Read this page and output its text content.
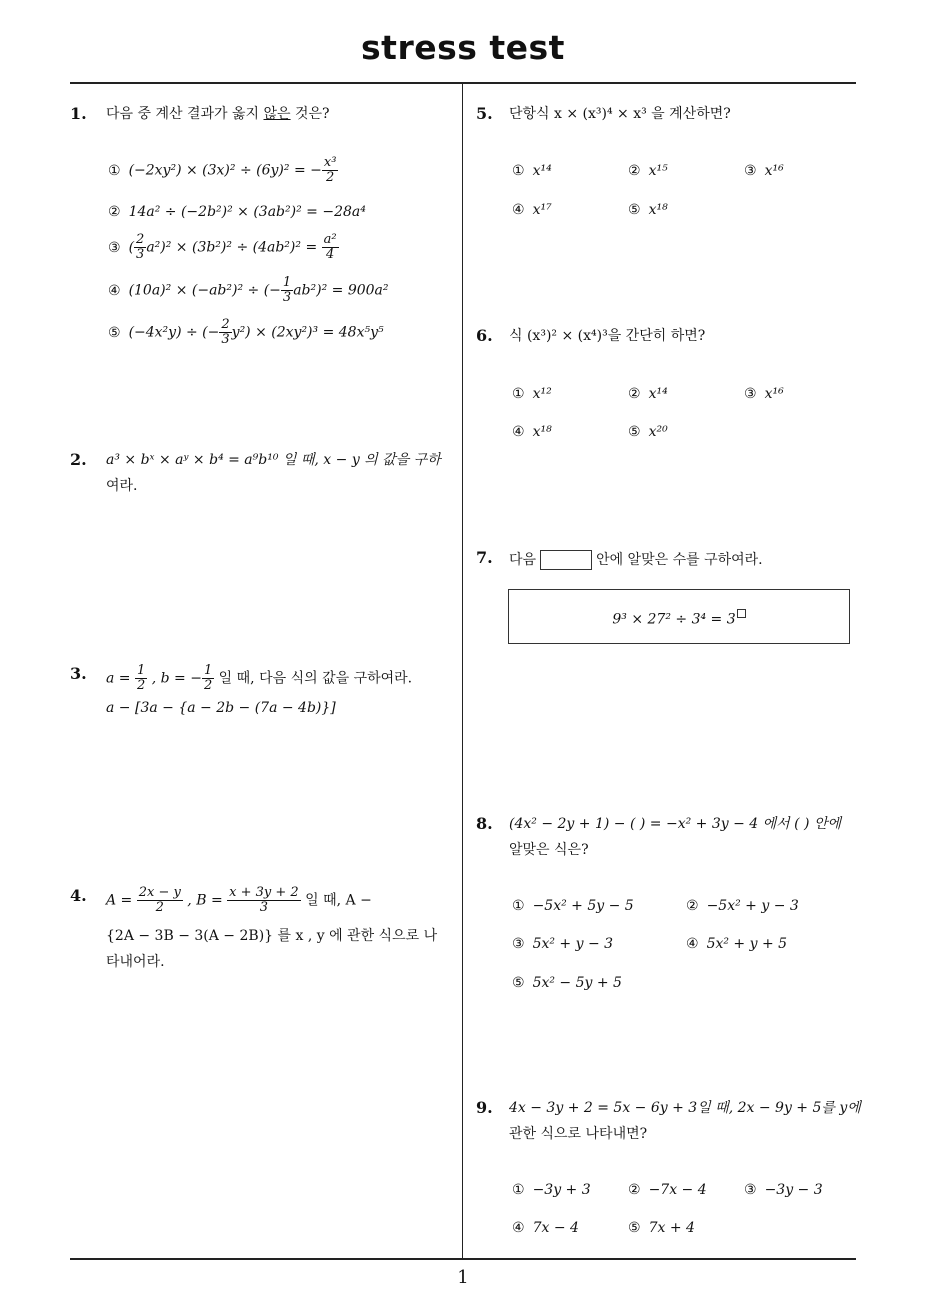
stress test
1. 다음 중 계산 결과가 옳지 않은 것은?
① (−2xy²) × (3x)² ÷ (6y)² = − $\frac{\text{x³}}{2}$
② 14a² ÷ (−2b²)² × (3ab²)² = −28a⁴
③ ( $\frac{2}{3} a^2)^2 \times (3b^2)^2 \div (4ab^2)^2 = \frac{\text{a²}}{4}$
④ (10a)² × (−ab²)² ÷ (− $\frac{1}{3} ab^2)^2 = 900a^2$
⑤ (−4x²y) ÷ (− $\frac{2}{3} y^2) \times (2xy^2)^3 = 48x^5y^5$
2. a³ × bˣ × aʸ × b⁴ = a⁹b¹⁰ 일 때, x − y 의 값을 구하
여라.
3. $a = \frac{1}{2}$ , b = − $\frac{1}{2}$ 일 때, 다음 식의 값을 구하여라.
a − [3a − {a − 2b − (7a − 4b)}]
4. $A = \frac{2x - y}{2}$ , $B = \frac{x + 3y + 2}{3}$ 일 때, A −
{2A − 3B − 3(A − 2B)} 를 x , y 에 관한 식으로 나
타내어라.
5. 단항식 x × (x³)⁴ × x³ 을 계산하면?
① x¹⁴	② x¹⁵	③ x¹⁶
④ x¹⁷	⑤ x¹⁸
6. 식 (x³)² × (x⁴)³을 간단히 하면?
① x¹²	② x¹⁴	③ x¹⁶
④ x¹⁸	⑤ x²⁰
7. 다음	안에 알맞은 수를 구하여라.
9³ × 27² ÷ 3⁴ = 3
8. (4x² − 2y + 1) − ( ) = −x² + 3y − 4 에서 ( ) 안에
알맞은 식은?
① −5x² + 5y − 5	② −5x² + y − 3
③ 5x² + y − 3	④ 5x² + y + 5
⑤ 5x² − 5y + 5
9. 4x − 3y + 2 = 5x − 6y + 3일 때, 2x − 9y + 5를 y에
관한 식으로 나타내면?
① −3y + 3	② −7x − 4	③ −3y − 3
④ 7x − 4	⑤ 7x + 4
1
